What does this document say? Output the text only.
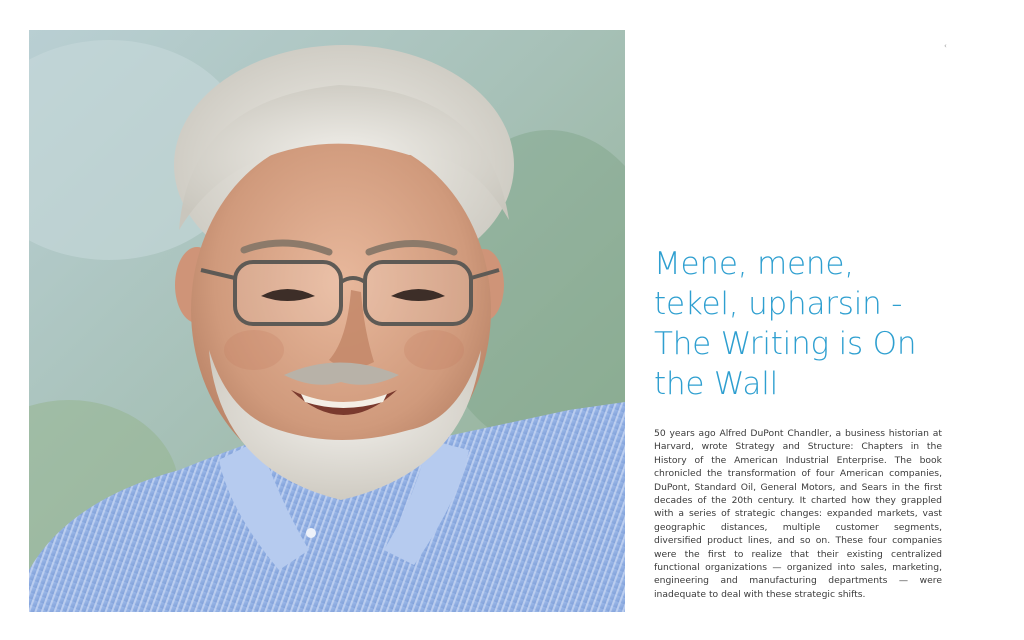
‹
Mene, mene, tekel, upharsin - The Writing is On the Wall

50 years ago Alfred DuPont Chandler, a business historian at Harvard, wrote Strategy and Structure: Chapters in the History of the American Industrial Enterprise. The book chronicled the transformation of four American companies, DuPont, Standard Oil, General Motors, and Sears in the first decades of the 20th century. It charted how they grappled with a series of strategic changes: expanded markets, vast geographic distances, multiple customer segments, diversified product lines, and so on. These four companies were the first to realize that their existing centralized functional organizations — organized into sales, marketing, engineering and manufacturing departments — were inadequate to deal with these strategic shifts.
